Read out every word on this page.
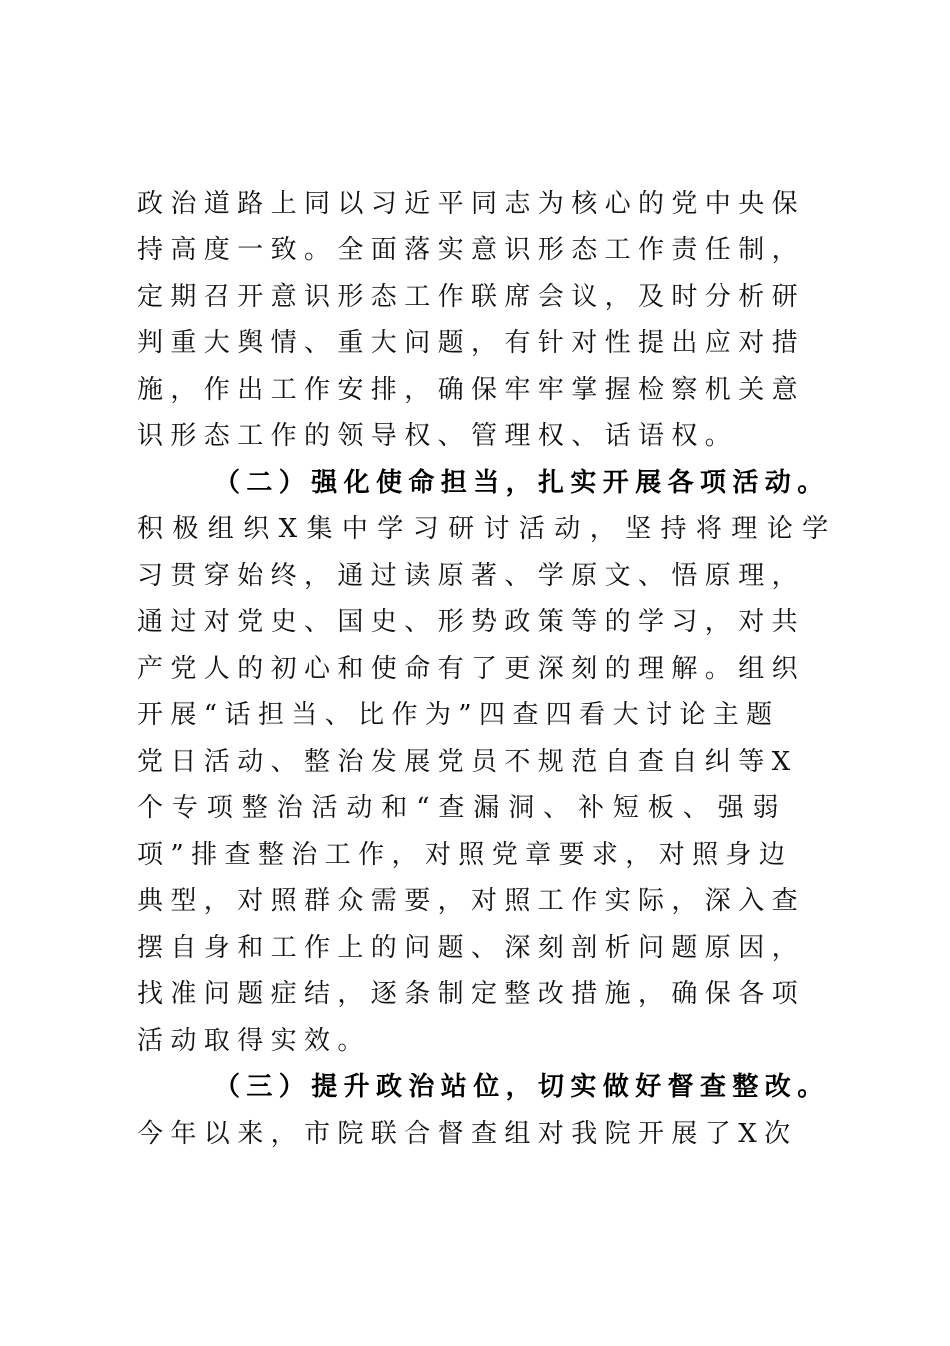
政治道路上同以习近平同志为核心的党中央保
持高度一致。全面落实意识形态工作责任制，
定期召开意识形态工作联席会议，及时分析研
判重大舆情、重大问题，有针对性提出应对措
施，作出工作安排，确保牢牢掌握检察机关意
识形态工作的领导权、管理权、话语权。
（二）强化使命担当，扎实开展各项活动。
积极组织X集中学习研讨活动，坚持将理论学
习贯穿始终，通过读原著、学原文、悟原理，
通过对党史、国史、形势政策等的学习，对共
产党人的初心和使命有了更深刻的理解。组织
开展“话担当、比作为”四查四看大讨论主题
党日活动、整治发展党员不规范自查自纠等X
个专项整治活动和“查漏洞、补短板、强弱
项”排查整治工作，对照党章要求，对照身边
典型，对照群众需要，对照工作实际，深入查
摆自身和工作上的问题、深刻剖析问题原因，
找准问题症结，逐条制定整改措施，确保各项
活动取得实效。
（三）提升政治站位，切实做好督查整改。
今年以来，市院联合督查组对我院开展了X次
